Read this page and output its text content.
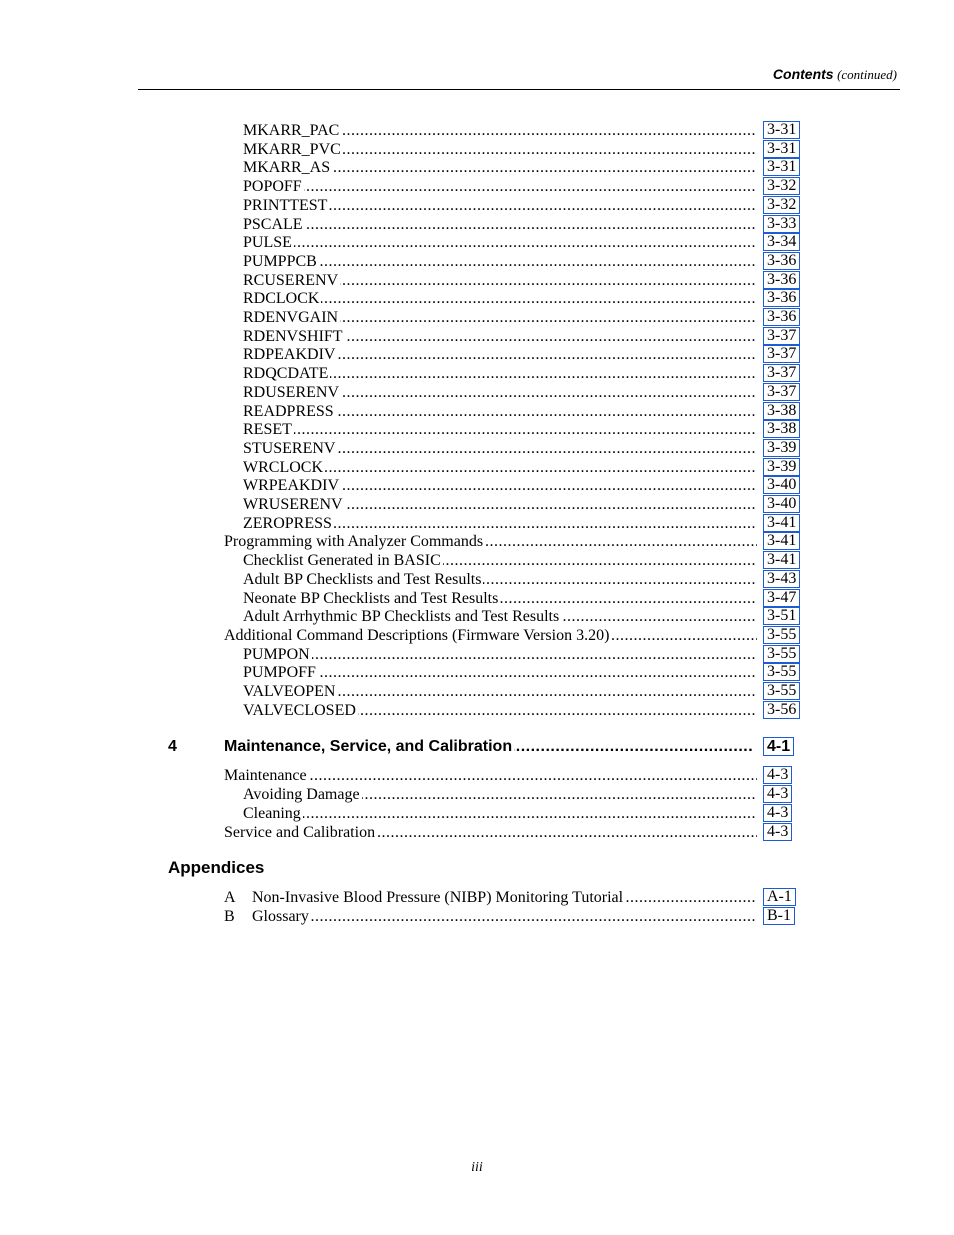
Contents (continued)
.....
MKARR_PAC	3-31
.....
MKARR_PVC	3-31
.....
MKARR_AS	3-31
.....
POPOFF	3-32
.....
PRINTTEST	3-32
.....
PSCALE	3-33
.....
PULSE	3-34
.....
PUMPPCB	3-36
.....
RCUSERENV	3-36
.....
RDCLOCK	3-36
.....
RDENVGAIN	3-36
.....
RDENVSHIFT	3-37
.....
RDPEAKDIV	3-37
.....
RDQCDATE	3-37
.....
RDUSERENV	3-37
.....
READPRESS	3-38
.....
RESET	3-38
.....
STUSERENV	3-39
.....
WRCLOCK	3-39
.....
WRPEAKDIV	3-40
.....
WRUSERENV	3-40
.....
ZEROPRESS	3-41
.....
Programming with Analyzer Commands	3-41
.....
Checklist Generated in BASIC	3-41
.....
Adult BP Checklists and Test Results	3-43
.....
Neonate BP Checklists and Test Results	3-47
.....
Adult Arrhythmic BP Checklists and Test Results	3-51
.....
Additional Command Descriptions (Firmware Version 3.20)	3-55
.....
PUMPON	3-55
.....
PUMPOFF	3-55
.....
VALVEOPEN	3-55
.....
VALVECLOSED	3-56
4
.....	Maintenance, Service, and Calibration	4-1
.....
Maintenance	4-3
.....
Avoiding Damage	4-3
.....
Cleaning	4-3
.....
Service and Calibration	4-3
Appendices
.....
Non-Invasive Blood Pressure (NIBP) Monitoring Tutorial	A-1
A
.....
Glossary	B-1
B
iii
